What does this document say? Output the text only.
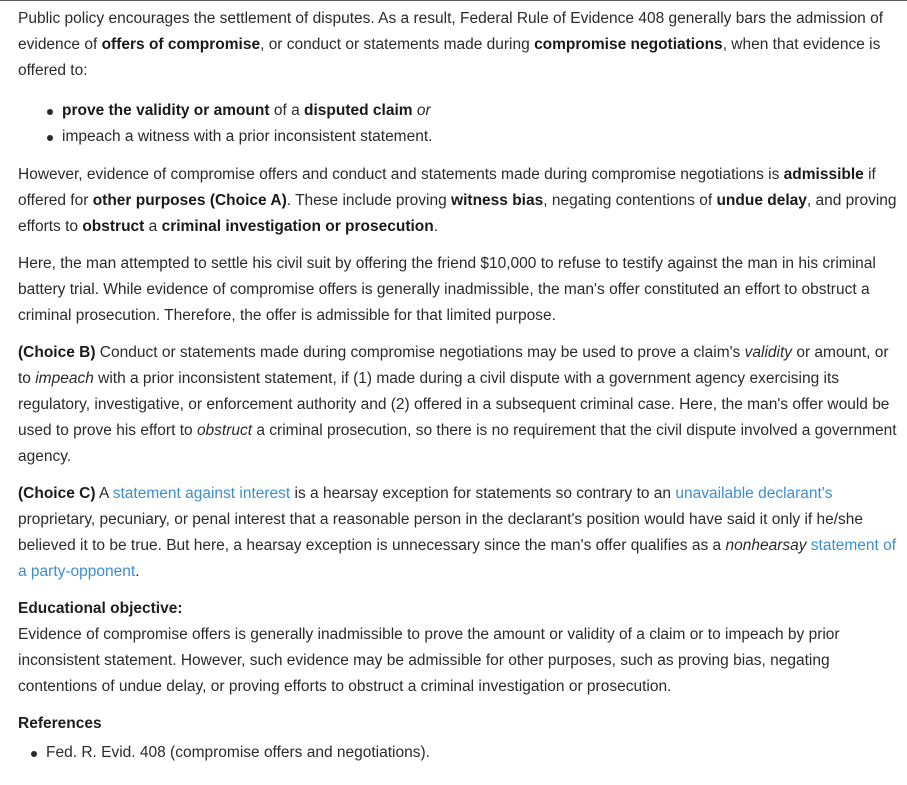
Public policy encourages the settlement of disputes. As a result, Federal Rule of Evidence 408 generally bars the admission of evidence of offers of compromise, or conduct or statements made during compromise negotiations, when that evidence is offered to:

prove the validity or amount of a disputed claim or
impeach a witness with a prior inconsistent statement.

However, evidence of compromise offers and conduct and statements made during compromise negotiations is admissible if offered for other purposes (Choice A). These include proving witness bias, negating contentions of undue delay, and proving efforts to obstruct a criminal investigation or prosecution.

Here, the man attempted to settle his civil suit by offering the friend $10,000 to refuse to testify against the man in his criminal battery trial. While evidence of compromise offers is generally inadmissible, the man's offer constituted an effort to obstruct a criminal prosecution. Therefore, the offer is admissible for that limited purpose.

(Choice B) Conduct or statements made during compromise negotiations may be used to prove a claim's validity or amount, or to impeach with a prior inconsistent statement, if (1) made during a civil dispute with a government agency exercising its regulatory, investigative, or enforcement authority and (2) offered in a subsequent criminal case. Here, the man's offer would be used to prove his effort to obstruct a criminal prosecution, so there is no requirement that the civil dispute involved a government agency.

(Choice C) A statement against interest is a hearsay exception for statements so contrary to an unavailable declarant's proprietary, pecuniary, or penal interest that a reasonable person in the declarant's position would have said it only if he/she believed it to be true. But here, a hearsay exception is unnecessary since the man's offer qualifies as a nonhearsay statement of a party-opponent.

Educational objective:
Evidence of compromise offers is generally inadmissible to prove the amount or validity of a claim or to impeach by prior inconsistent statement. However, such evidence may be admissible for other purposes, such as proving bias, negating contentions of undue delay, or proving efforts to obstruct a criminal investigation or prosecution.
References
Fed. R. Evid. 408 (compromise offers and negotiations).
